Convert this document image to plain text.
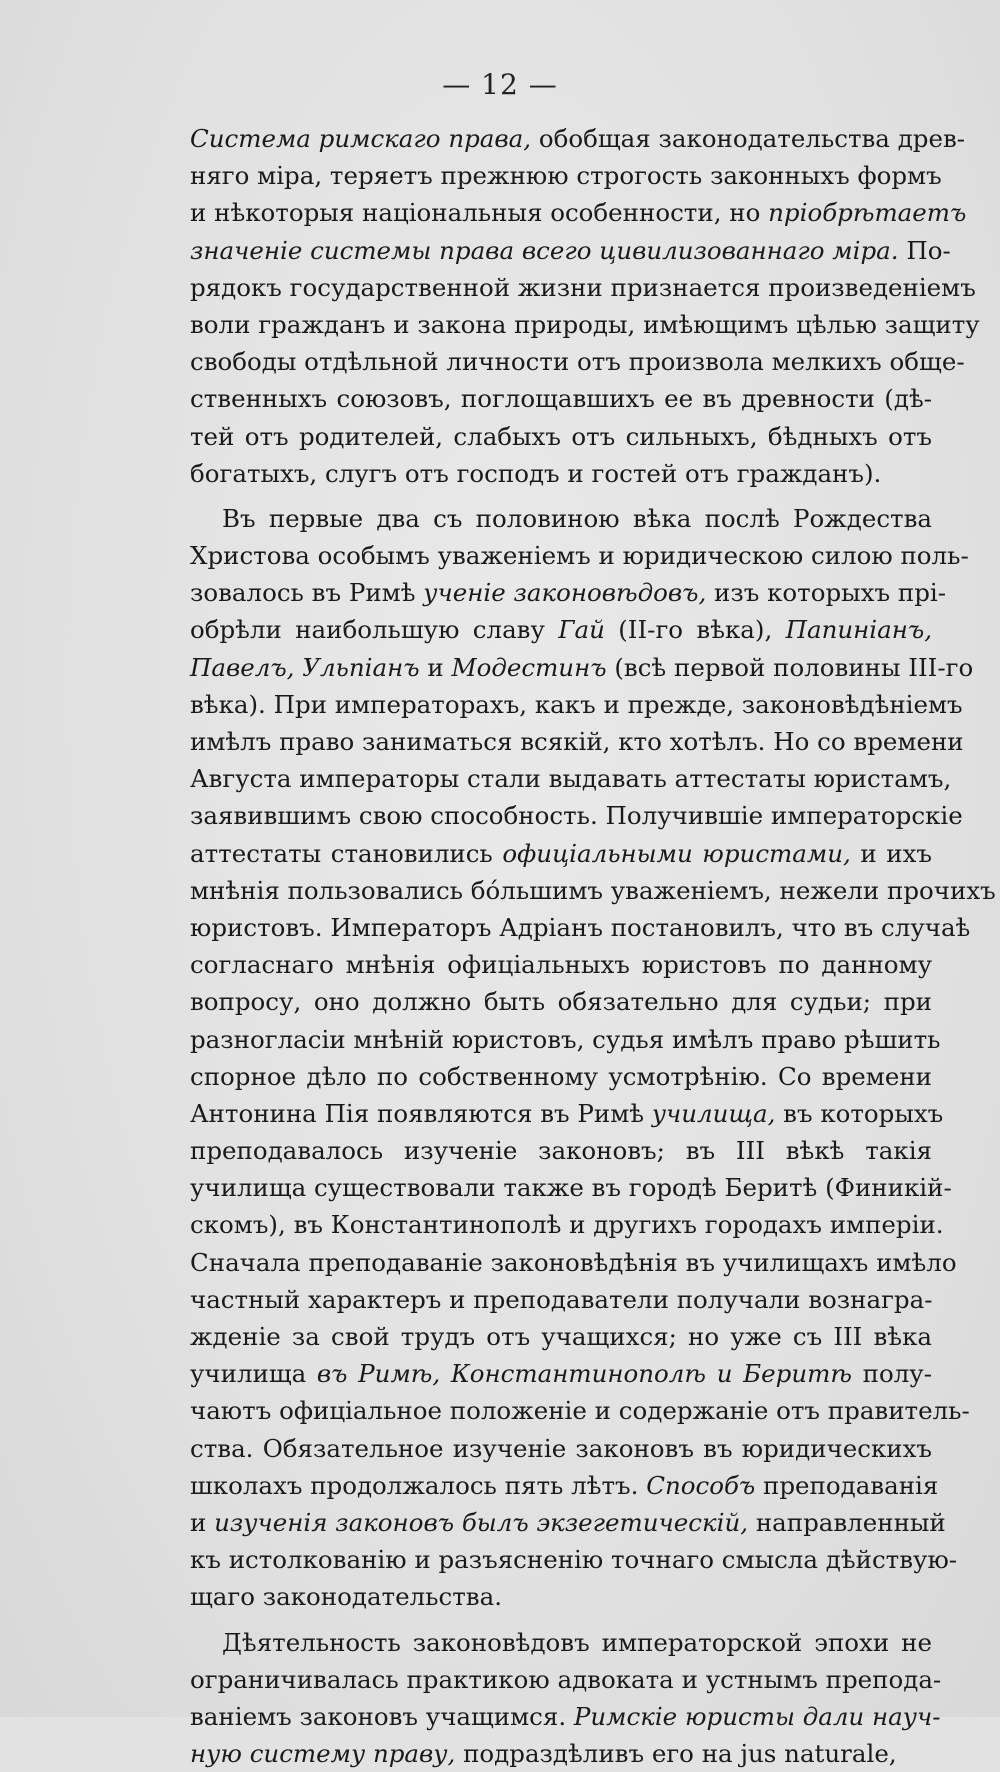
— 12 —
Система римскаго права, обобщая законодательства древ-
няго міра, теряетъ прежнюю строгость законныхъ формъ
и нѣкоторыя національныя особенности, но пріобрѣтаетъ
значеніе системы права всего цивилизованнаго міра. По-
рядокъ государственной жизни признается произведеніемъ
воли гражданъ и закона природы, имѣющимъ цѣлью защиту
свободы отдѣльной личности отъ произвола мелкихъ обще-
ственныхъ союзовъ, поглощавшихъ ее въ древности (дѣ-
тей отъ родителей, слабыхъ отъ сильныхъ, бѣдныхъ отъ
богатыхъ, слугъ отъ господъ и гостей отъ гражданъ).
Въ первые два съ половиною вѣка послѣ Рождества
Христова особымъ уваженіемъ и юридическою силою поль-
зовалось въ Римѣ ученіе законовѣдовъ, изъ которыхъ прі-
обрѣли наибольшую славу Гай (II-го вѣка), Папиніанъ,
Павелъ, Ульпіанъ и Модестинъ (всѣ первой половины III-го
вѣка). При императорахъ, какъ и прежде, законовѣдѣніемъ
имѣлъ право заниматься всякій, кто хотѣлъ. Но со времени
Августа императоры стали выдавать аттестаты юристамъ,
заявившимъ свою способность. Получившіе императорскіе
аттестаты становились офиціальными юристами, и ихъ
мнѣнія пользовались бо́льшимъ уваженіемъ, нежели прочихъ
юристовъ. Императоръ Адріанъ постановилъ, что въ случаѣ
согласнаго мнѣнія офиціальныхъ юристовъ по данному
вопросу, оно должно быть обязательно для судьи; при
разногласіи мнѣній юристовъ, судья имѣлъ право рѣшить
спорное дѣло по собственному усмотрѣнію. Со времени
Антонина Пія появляются въ Римѣ училища, въ которыхъ
преподавалось изученіе законовъ; въ III вѣкѣ такія
училища существовали также въ городѣ Беритѣ (Финикій-
скомъ), въ Константинополѣ и другихъ городахъ имперіи.
Сначала преподаваніе законовѣдѣнія въ училищахъ имѣло
частный характеръ и преподаватели получали вознагра-
жденіе за свой трудъ отъ учащихся; но уже съ III вѣка
училища въ Римѣ, Константинополѣ и Беритѣ полу-
чаютъ офиціальное положеніе и содержаніе отъ правитель-
ства. Обязательное изученіе законовъ въ юридическихъ
школахъ продолжалось пять лѣтъ. Способъ преподаванія
и изученія законовъ былъ экзегетическій, направленный
къ истолкованію и разъясненію точнаго смысла дѣйствую-
щаго законодательства.
Дѣятельность законовѣдовъ императорской эпохи не
ограничивалась практикою адвоката и устнымъ препода-
ваніемъ законовъ учащимся. Римскіе юристы дали науч-
ную систему праву, подраздѣливъ его на jus naturale,
